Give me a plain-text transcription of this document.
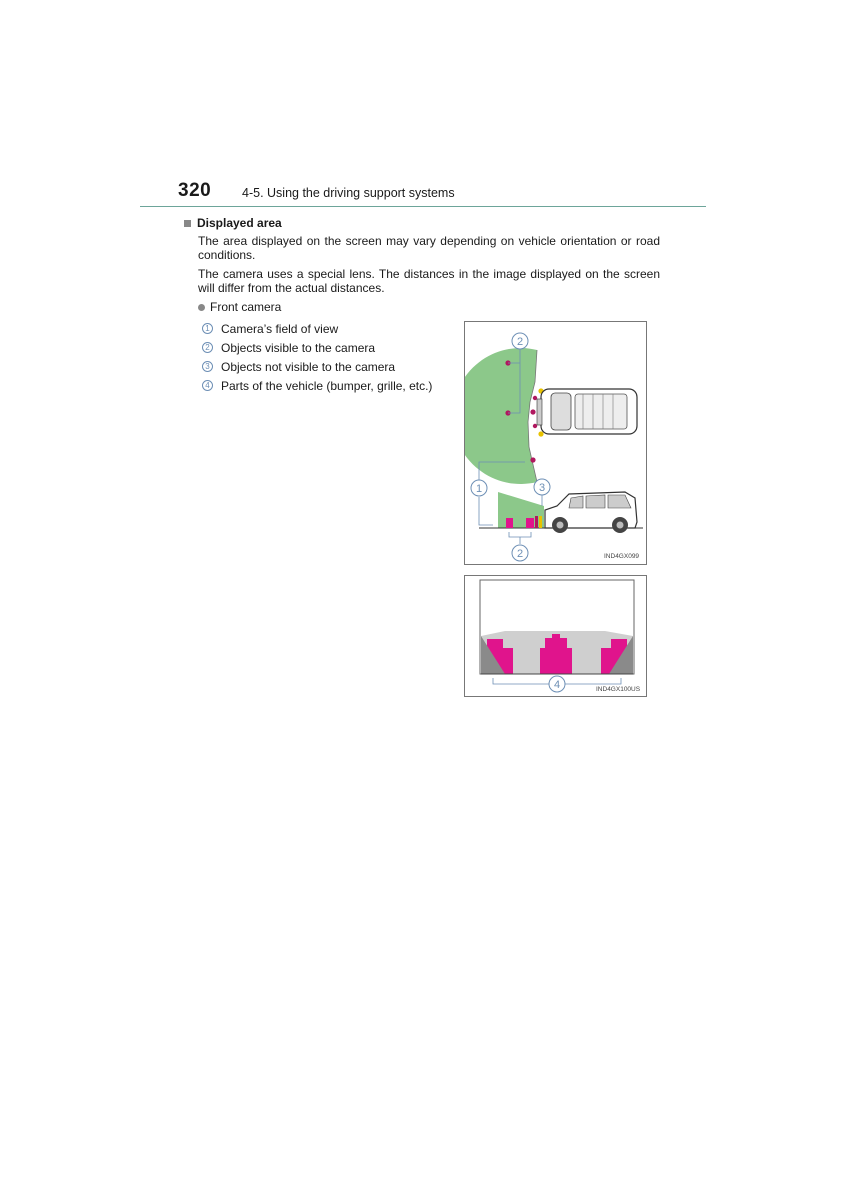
320 4-5. Using the driving support systems
Displayed area
The area displayed on the screen may vary depending on vehicle orientation or road conditions.
The camera uses a special lens. The distances in the image displayed on the screen will differ from the actual distances.
Front camera
1 Camera’s field of view
2 Objects visible to the camera
3 Objects not visible to the camera
4 Parts of the vehicle (bumper, grille, etc.)
2
1	3
2	IND4GX099
4	IND4GX100US
